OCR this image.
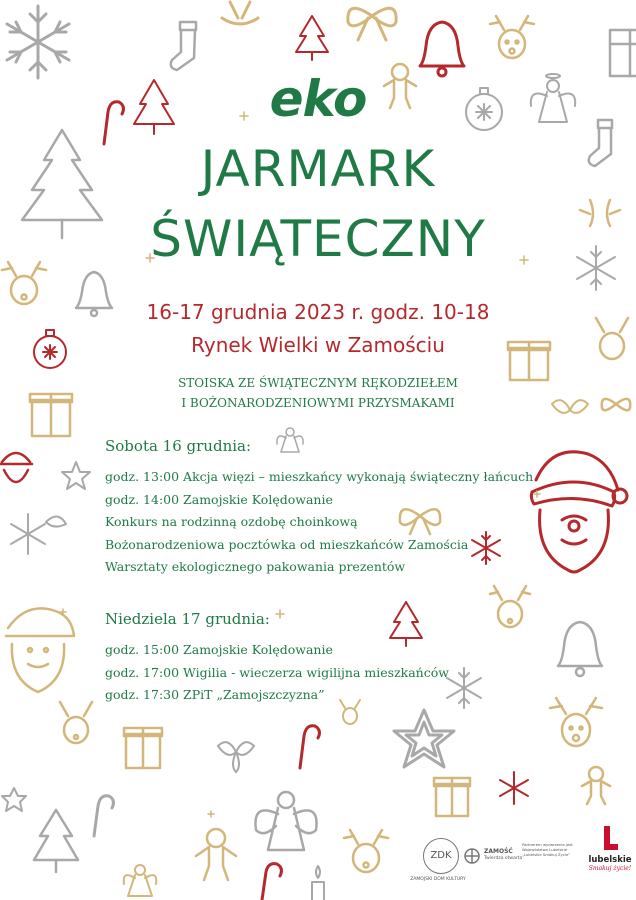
eko
JARMARK
ŚWIĄTECZNY
16-17 grudnia 2023 r. godz. 10-18
Rynek Wielki w Zamościu
STOISKA ZE ŚWIĄTECZNYM RĘKODZIEŁEM
I BOŻONARODZENIOWYMI PRZYSMAKAMI
Sobota 16 grudnia:
godz. 13:00 Akcja więzi – mieszkańcy wykonają świąteczny łańcuch
godz. 14:00 Zamojskie Kolędowanie
Konkurs na rodzinną ozdobę choinkową
Bożonarodzeniowa pocztówka od mieszkańców Zamościa
Warsztaty ekologicznego pakowania prezentów
Niedziela 17 grudnia:
godz. 15:00 Zamojskie Kolędowanie
godz. 17:00 Wigilia - wieczerza wigilijna mieszkańców
godz. 17:30 ZPiT „Zamojszczyzna”
ZDK
ZAMOJSKI DOM KULTURY
ZAMOŚĆ
Twierdza otwarta
Partnerem wydarzenia jest
Województwo Lubelskie
„Lubelskie Smakuj Życie”
lubelskie
Smakuj życie!
